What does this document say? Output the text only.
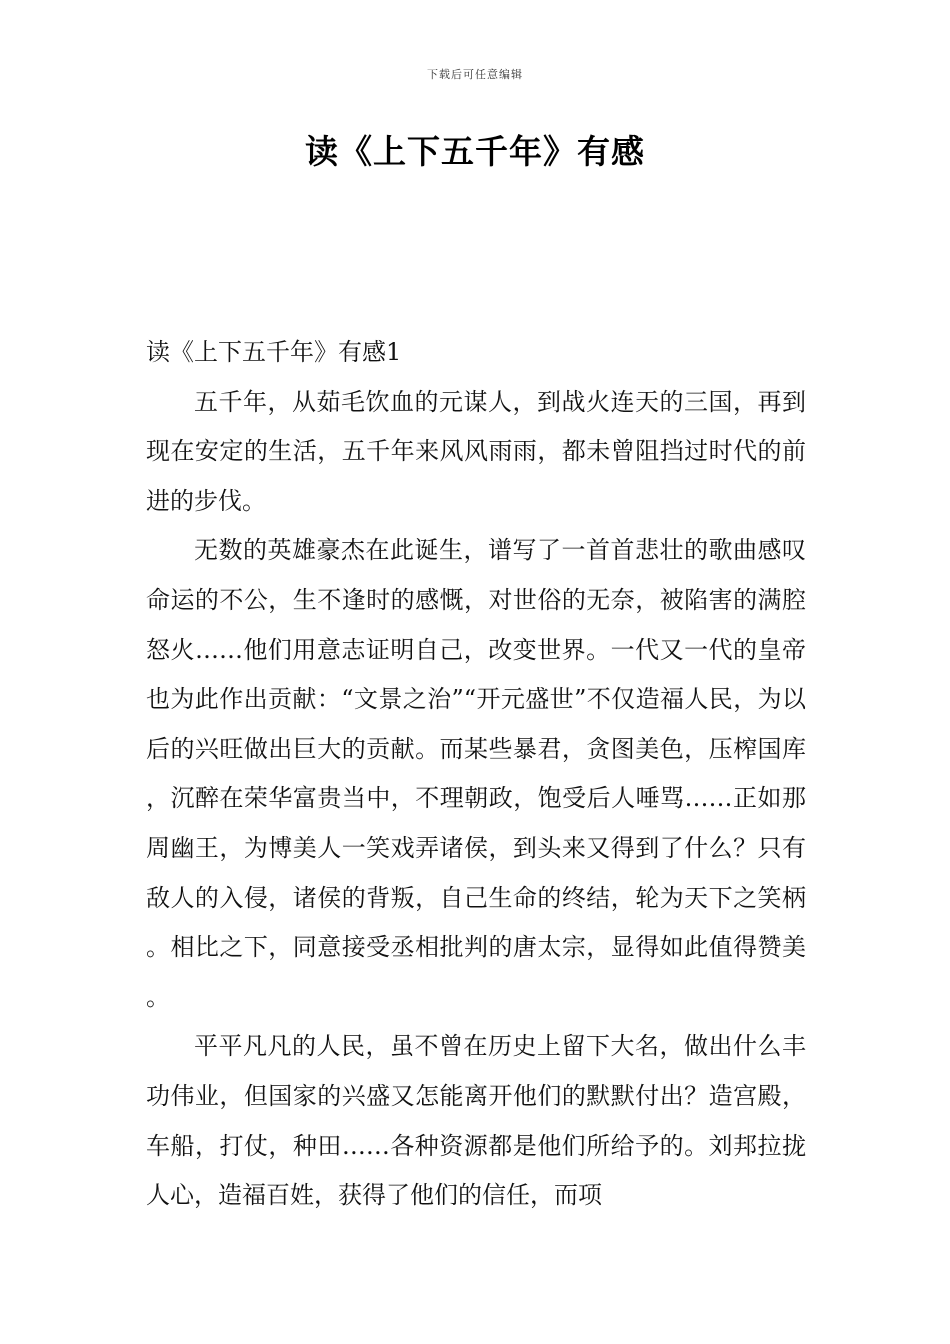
下载后可任意编辑
读《上下五千年》有感

读《上下五千年》有感1

五千年，从茹毛饮血的元谋人，到战火连天的三国，再到现在安定的生活，五千年来风风雨雨，都未曾阻挡过时代的前进的步伐。

无数的英雄豪杰在此诞生，谱写了一首首悲壮的歌曲感叹命运的不公，生不逢时的感慨，对世俗的无奈，被陷害的满腔怒火……他们用意志证明自己，改变世界。一代又一代的皇帝也为此作出贡献：“文景之治”“开元盛世”不仅造福人民，为以后的兴旺做出巨大的贡献。而某些暴君，贪图美色，压榨国库，沉醉在荣华富贵当中，不理朝政，饱受后人唾骂……正如那周幽王，为博美人一笑戏弄诸侯，到头来又得到了什么？只有敌人的入侵，诸侯的背叛，自己生命的终结，轮为天下之笑柄。相比之下，同意接受丞相批判的唐太宗，显得如此值得赞美。

平平凡凡的人民，虽不曾在历史上留下大名，做出什么丰功伟业，但国家的兴盛又怎能离开他们的默默付出？造宫殿，车船，打仗，种田……各种资源都是他们所给予的。刘邦拉拢人心，造福百姓，获得了他们的信任，而项
